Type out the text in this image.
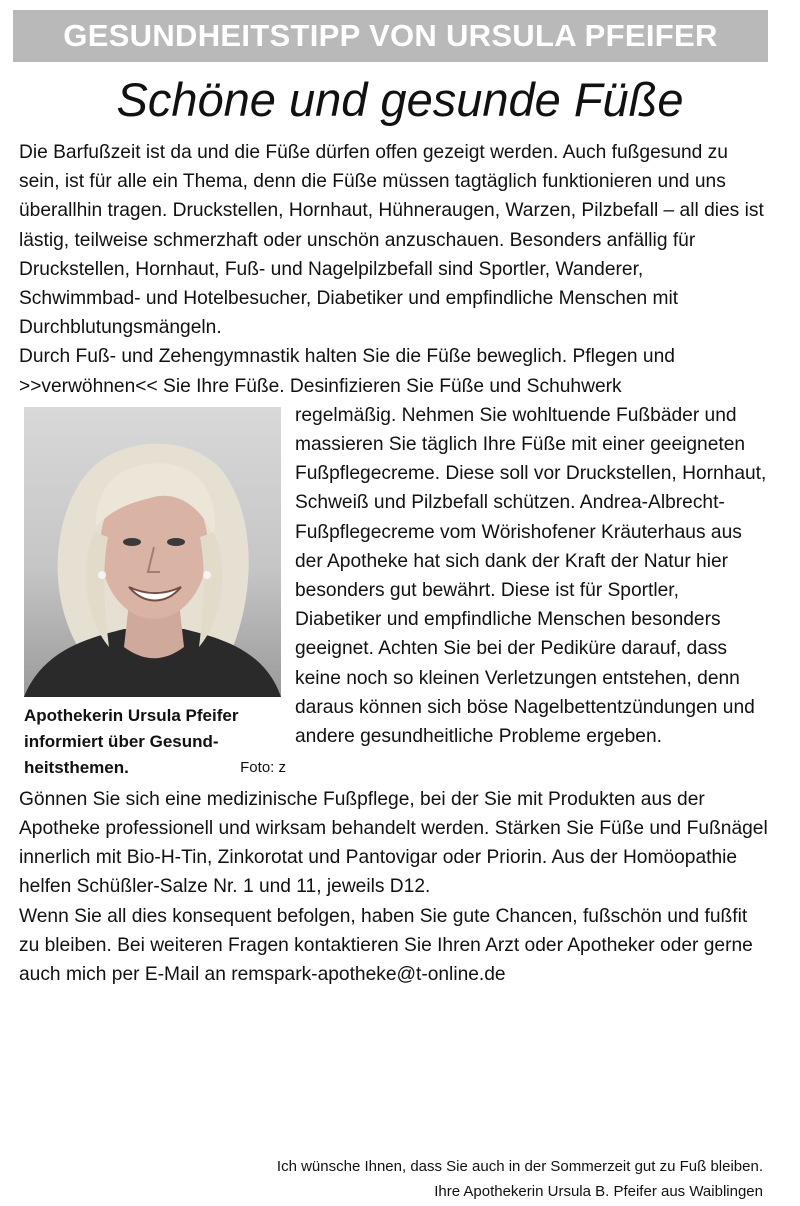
GESUNDHEITSTIPP VON URSULA PFEIFER
Schöne und gesunde Füße

Die Barfußzeit ist da und die Füße dürfen offen gezeigt werden. Auch fußgesund zu sein, ist für alle ein Thema, denn die Füße müssen tagtäglich funktionieren und uns überallhin tragen. Druckstellen, Hornhaut, Hühneraugen, Warzen, Pilzbefall – all dies ist lästig, teilweise schmerzhaft oder unschön anzuschauen. Besonders anfällig für Druckstellen, Hornhaut, Fuß- und Nagelpilzbefall sind Sportler, Wanderer, Schwimmbad- und Hotelbesucher, Diabetiker und empfindliche Menschen mit Durchblutungsmängeln.

Durch Fuß- und Zehengymnastik halten Sie die Füße beweglich. Pflegen und >>verwöhnen<< Sie Ihre Füße. Desinfizieren Sie Füße und Schuhwerk

Apothekerin Ursula Pfeifer informiert über Gesundheitsthemen.	Foto: z

regelmäßig. Nehmen Sie wohltuende Fußbäder und massieren Sie täglich Ihre Füße mit einer geeigneten Fußpflegecreme. Diese soll vor Druckstellen, Hornhaut, Schweiß und Pilzbefall schützen. Andrea-Albrecht-Fußpflegecreme vom Wörishofener Kräuterhaus aus der Apotheke hat sich dank der Kraft der Natur hier besonders gut bewährt. Diese ist für Sportler, Diabetiker und empfindliche Menschen besonders geeignet. Achten Sie bei der Pediküre darauf, dass keine noch so kleinen Verletzungen entstehen, denn daraus können sich böse Nagelbettentzündungen und andere gesundheitliche Probleme ergeben.

Gönnen Sie sich eine medizinische Fußpflege, bei der Sie mit Produkten aus der Apotheke professionell und wirksam behandelt werden. Stärken Sie Füße und Fußnägel innerlich mit Bio-H-Tin, Zinkorotat und Pantovigar oder Priorin. Aus der Homöopathie helfen Schüßler-Salze Nr. 1 und 11, jeweils D12.

Wenn Sie all dies konsequent befolgen, haben Sie gute Chancen, fußschön und fußfit zu bleiben. Bei weiteren Fragen kontaktieren Sie Ihren Arzt oder Apotheker oder gerne auch mich per E-Mail an remspark-apotheke@t-online.de

Ich wünsche Ihnen, dass Sie auch in der Sommerzeit gut zu Fuß bleiben.
Ihre Apothekerin Ursula B. Pfeifer aus Waiblingen
